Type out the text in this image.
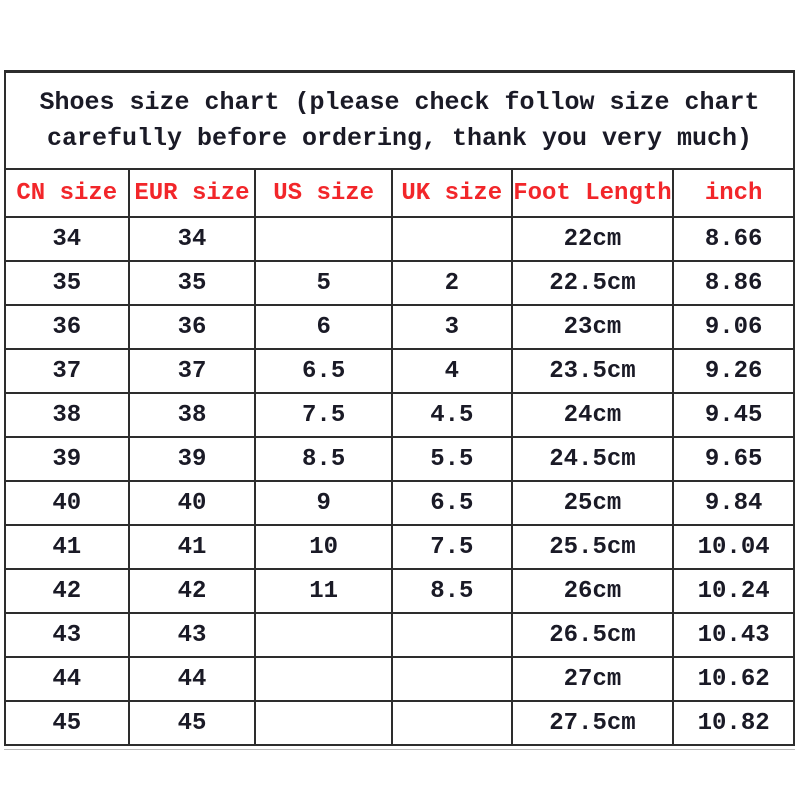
Shoes size chart (please check follow size chart carefully before ordering, thank you very much)

CN size	EUR size	US size	UK size	Foot Length	inch
34	34			22cm	8.66
35	35	5	2	22.5cm	8.86
36	36	6	3	23cm	9.06
37	37	6.5	4	23.5cm	9.26
38	38	7.5	4.5	24cm	9.45
39	39	8.5	5.5	24.5cm	9.65
40	40	9	6.5	25cm	9.84
41	41	10	7.5	25.5cm	10.04
42	42	11	8.5	26cm	10.24
43	43			26.5cm	10.43
44	44			27cm	10.62
45	45			27.5cm	10.82
